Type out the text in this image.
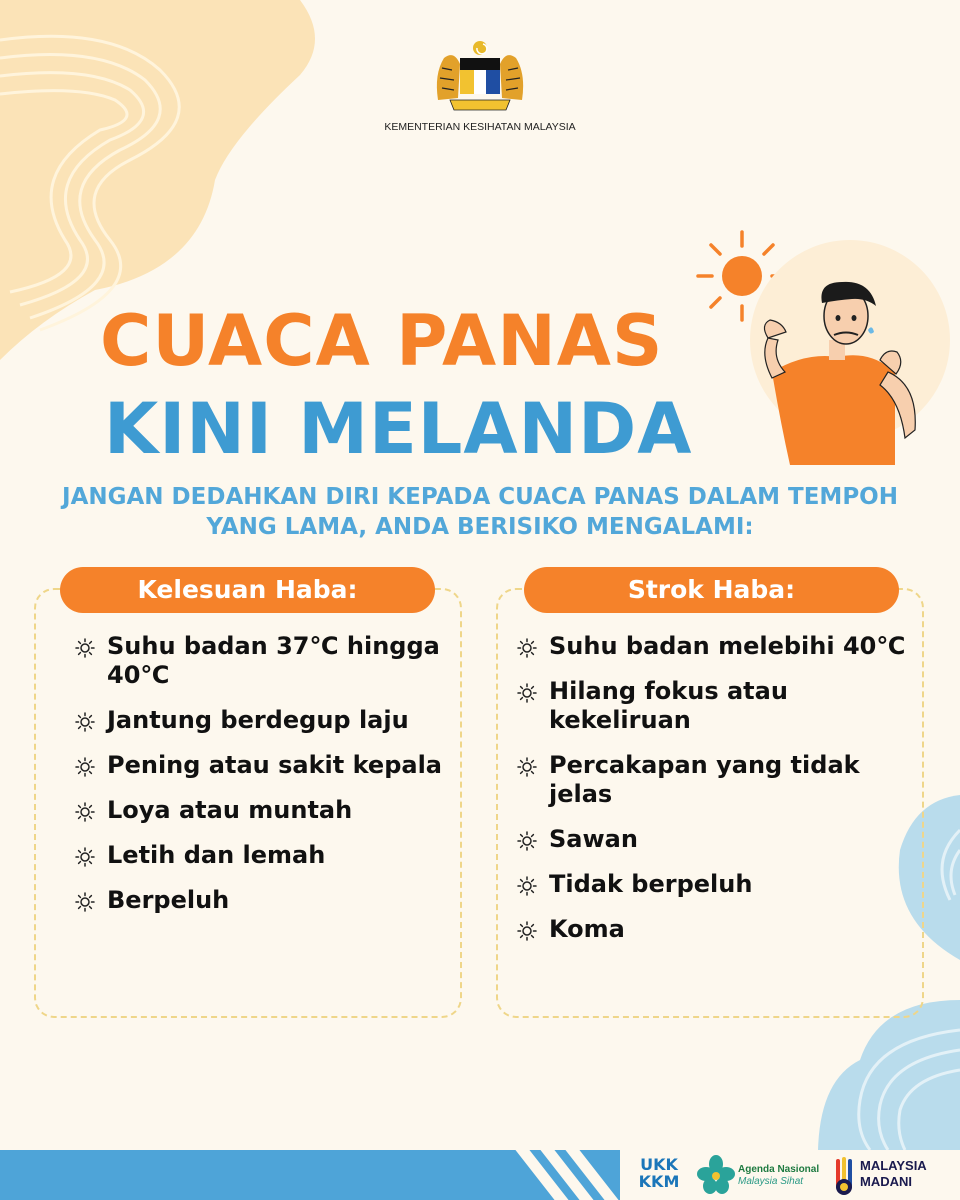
KEMENTERIAN KESIHATAN MALAYSIA
CUACA PANAS
KINI MELANDA
JANGAN DEDAHKAN DIRI KEPADA CUACA PANAS DALAM TEMPOH YANG LAMA, ANDA BERISIKO MENGALAMI:
Kelesuan Haba:	Strok Haba:
Suhu badan 37℃ hingga 40℃
Jantung berdegup laju
Pening atau sakit kepala
Loya atau muntah
Letih dan lemah
Berpeluh
Suhu badan melebihi 40℃
Hilang fokus atau kekeliruan
Percakapan yang tidak jelas
Sawan
Tidak berpeluh
Koma
UKK
KKM
Agenda Nasional
Malaysia Sihat
MALAYSIA
MADANI
